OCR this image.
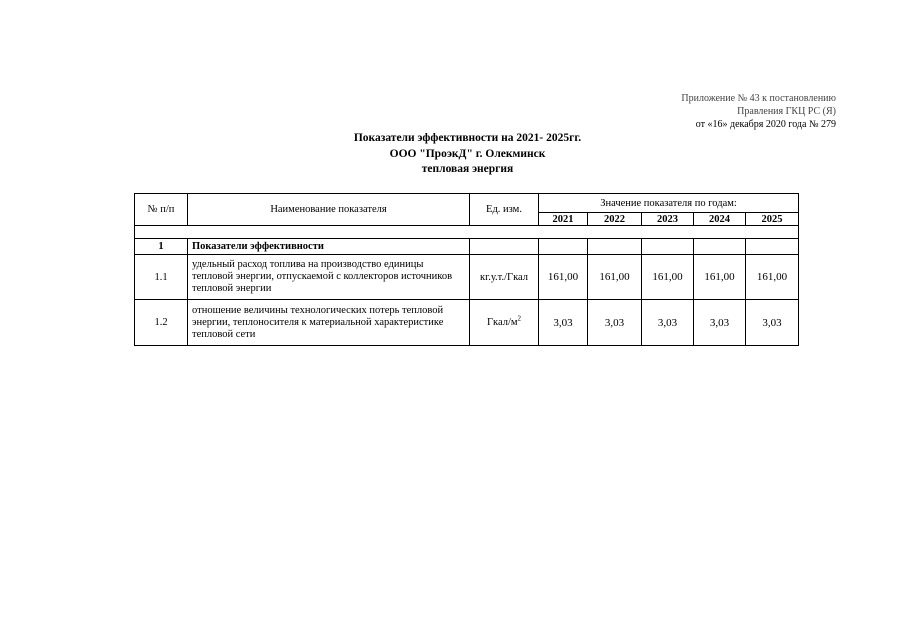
Приложение № 43 к постановлению
Правления ГКЦ РС (Я)
от «16» декабря 2020 года № 279
Показатели эффективности на 2021- 2025гг.
ООО "ПроэкД" г. Олекминск
тепловая энергия
№ п/п	Наименование показателя	Ед. изм.	Значение показателя по годам:				
			2021	2022	2023	2024	2025

1	Показатели эффективности						
1.1	удельный расход топлива на производство единицы тепловой энергии, отпускаемой с коллекторов источников тепловой энергии	кг.у.т./Гкал	161,00	161,00	161,00	161,00	161,00
1.2	отношение величины технологических потерь тепловой энергии, теплоносителя к материальной характеристике тепловой сети	Гкал/$м^2$	3,03	3,03	3,03	3,03	3,03
